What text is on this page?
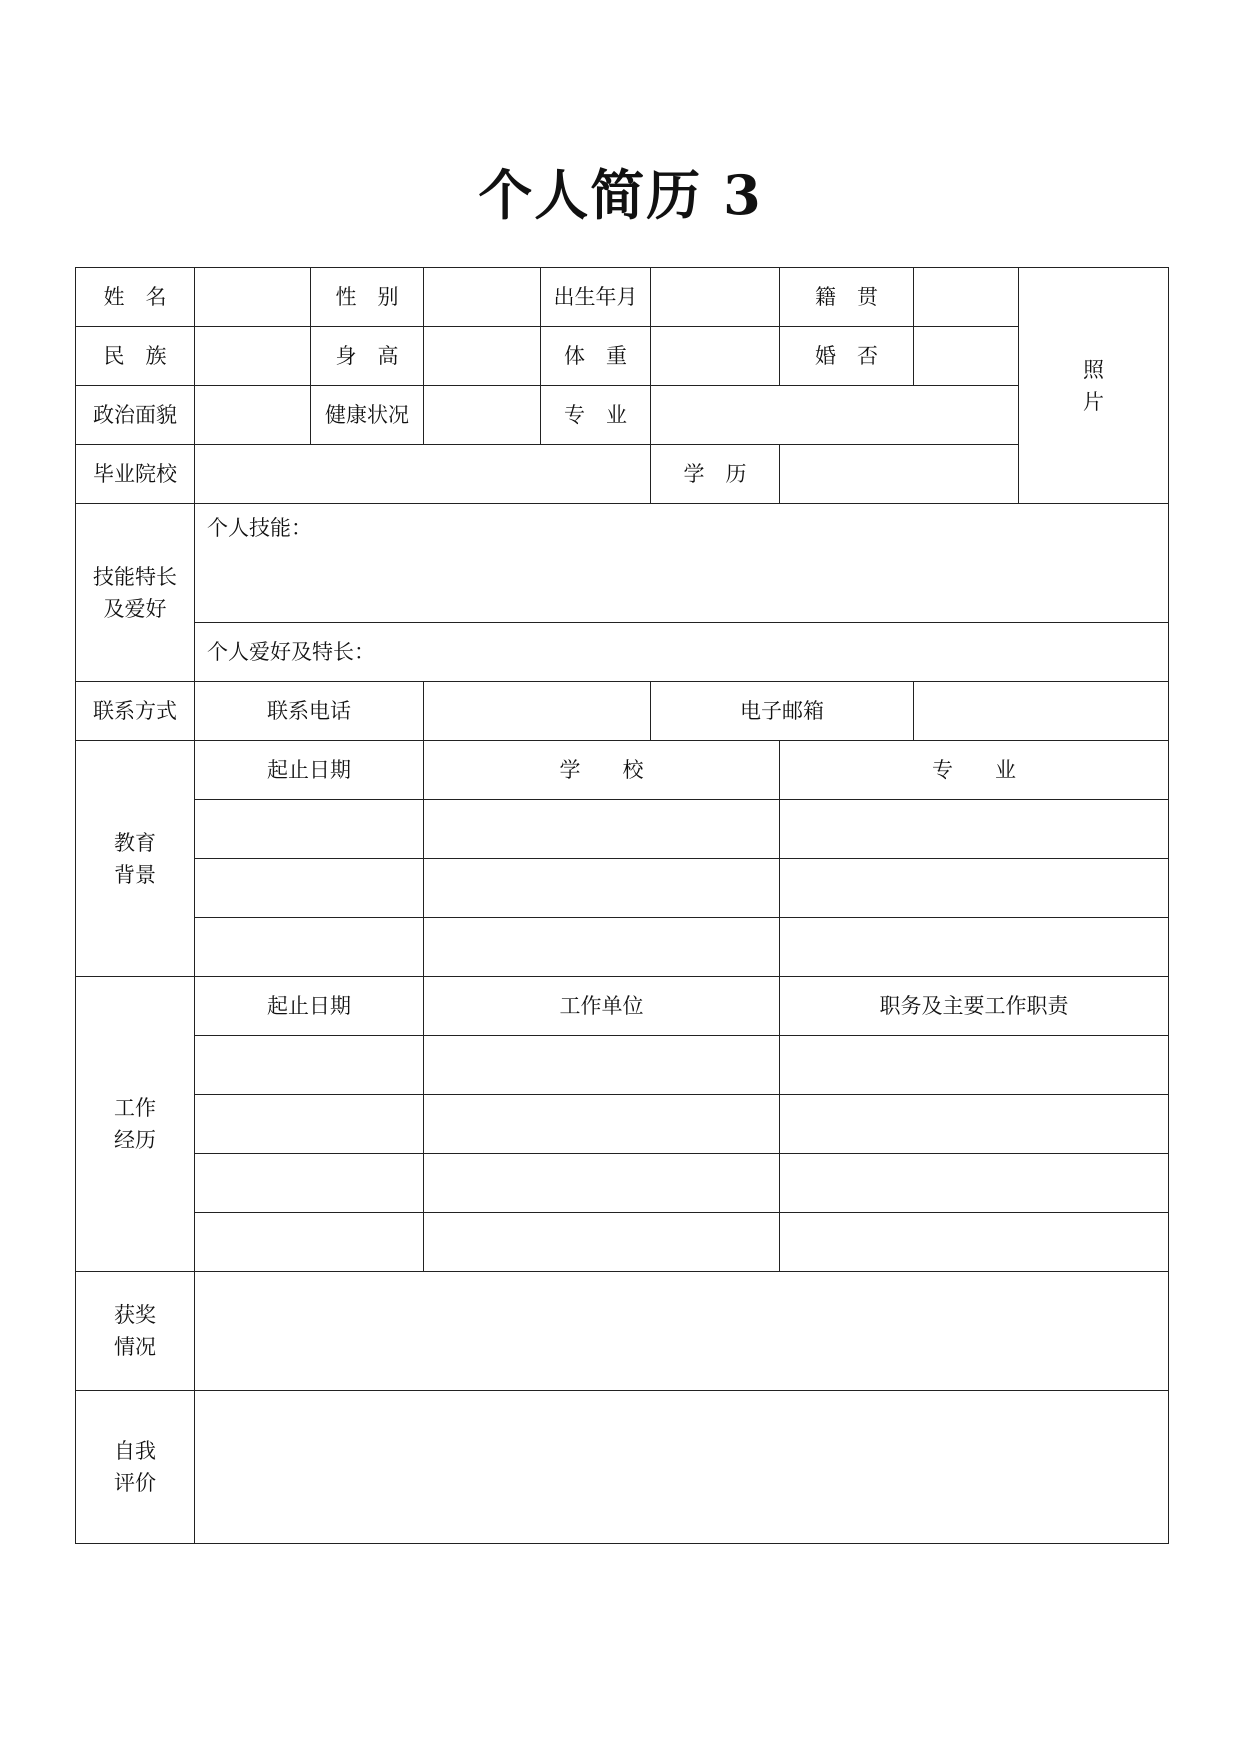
个人简历 3
姓　名		性　别		出生年月		籍　贯		照
片

民　族		身　高		体　重		婚　否		
政治面貌		健康状况		专　业				
毕业院校					学　历			

技能特长
及爱好	个人技能：							
	个人爱好及特长：							
联系方式	联系电话				电子邮箱			

教育
背景	起止日期		学　　校			专　　业		

工作
经历	起止日期		工作单位			职务及主要工作职责		

获奖
情况								

自我
评价								
